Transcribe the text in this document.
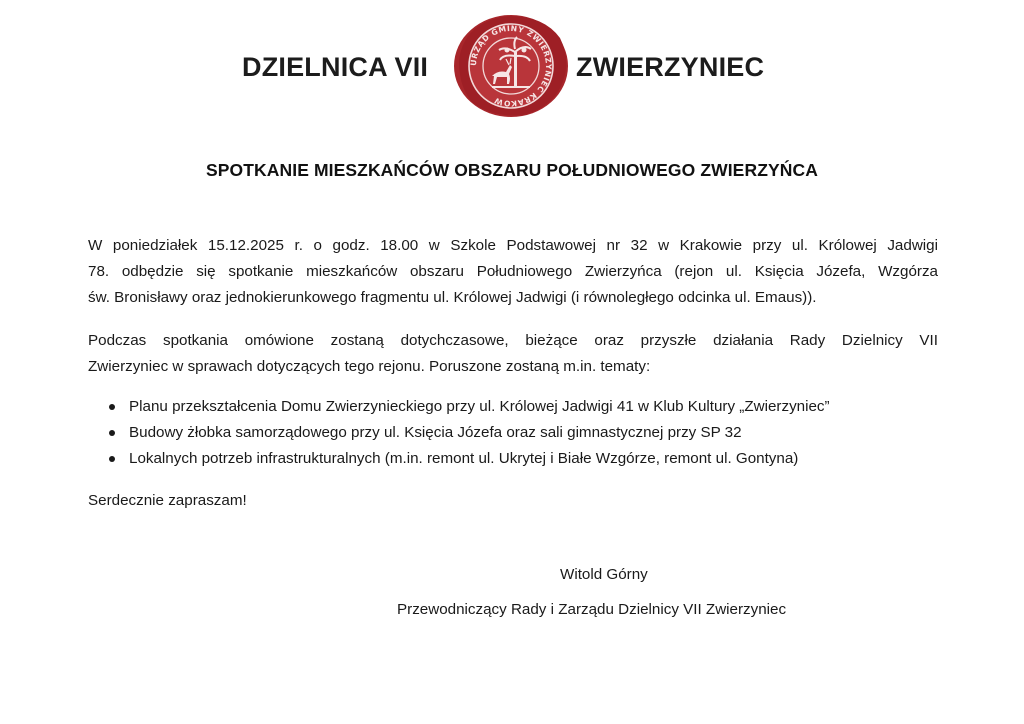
DZIELNICA VII	URZĄD GMINY ZWIERZYNIEC KRAKÓW
ZWIERZYNIEC
SPOTKANIE MIESZKAŃCÓW OBSZARU POŁUDNIOWEGO ZWIERZYŃCA
W poniedziałek 15.12.2025 r. o godz. 18.00 w Szkole Podstawowej nr 32 w Krakowie przy ul. Królowej Jadwigi
78. odbędzie się spotkanie mieszkańców obszaru Południowego Zwierzyńca (rejon ul. Księcia Józefa, Wzgórza
św. Bronisławy oraz jednokierunkowego fragmentu ul. Królowej Jadwigi (i równoległego odcinka ul. Emaus)).
Podczas spotkania omówione zostaną dotychczasowe, bieżące oraz przyszłe działania Rady Dzielnicy VII
Zwierzyniec w sprawach dotyczących tego rejonu. Poruszone zostaną m.in. tematy:
Planu przekształcenia Domu Zwierzynieckiego przy ul. Królowej Jadwigi 41 w Klub Kultury „Zwierzyniec”
Budowy żłobka samorządowego przy ul. Księcia Józefa oraz sali gimnastycznej przy SP 32
Lokalnych potrzeb infrastrukturalnych (m.in. remont ul. Ukrytej i Białe Wzgórze, remont ul. Gontyna)
Serdecznie zapraszam!
Witold Górny
Przewodniczący Rady i Zarządu Dzielnicy VII Zwierzyniec
